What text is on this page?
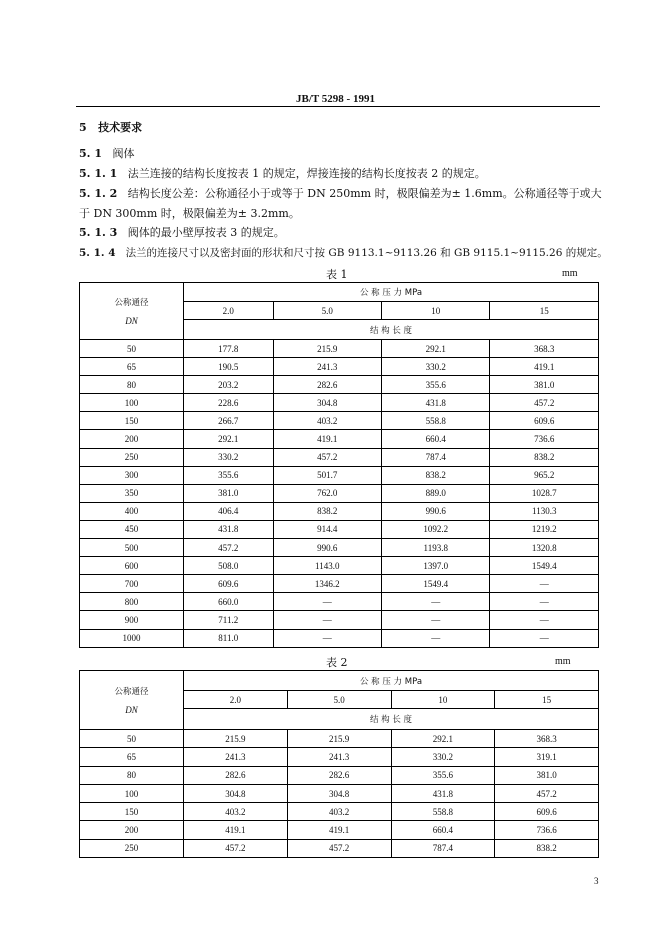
JB/T 5298 - 1991
5 技术要求
5. 1 阀体
5. 1. 1 法兰连接的结构长度按表 1 的规定，焊接连接的结构长度按表 2 的规定。
5. 1. 2 结构长度公差：公称通径小于或等于 DN 250mm 时，极限偏差为± 1.6mm。公称通径等于或大
于 DN 300mm 时，极限偏差为± 3.2mm。
5. 1. 3 阀体的最小壁厚按表 3 的规定。
5. 1. 4 法兰的连接尺寸以及密封面的形状和尺寸按 GB 9113.1~9113.26 和 GB 9115.1~9115.26 的规定。
表 1	mm
公称通径
DN	公 称 压 力 MPa			
	2.0	5.0	10	15
	结 构 长 度			
50	177.8	215.9	292.1	368.3
65	190.5	241.3	330.2	419.1
80	203.2	282.6	355.6	381.0
100	228.6	304.8	431.8	457.2
150	266.7	403.2	558.8	609.6
200	292.1	419.1	660.4	736.6
250	330.2	457.2	787.4	838.2
300	355.6	501.7	838.2	965.2
350	381.0	762.0	889.0	1028.7
400	406.4	838.2	990.6	1130.3
450	431.8	914.4	1092.2	1219.2
500	457.2	990.6	1193.8	1320.8
600	508.0	1143.0	1397.0	1549.4
700	609.6	1346.2	1549.4	—
800	660.0	—	—	—
900	711.2	—	—	—
1000	811.0	—	—	—
表 2	mm
公称通径
DN	公 称 压 力 MPa			
	2.0	5.0	10	15
	结 构 长 度			
50	215.9	215.9	292.1	368.3
65	241.3	241.3	330.2	319.1
80	282.6	282.6	355.6	381.0
100	304.8	304.8	431.8	457.2
150	403.2	403.2	558.8	609.6
200	419.1	419.1	660.4	736.6
250	457.2	457.2	787.4	838.2
3
